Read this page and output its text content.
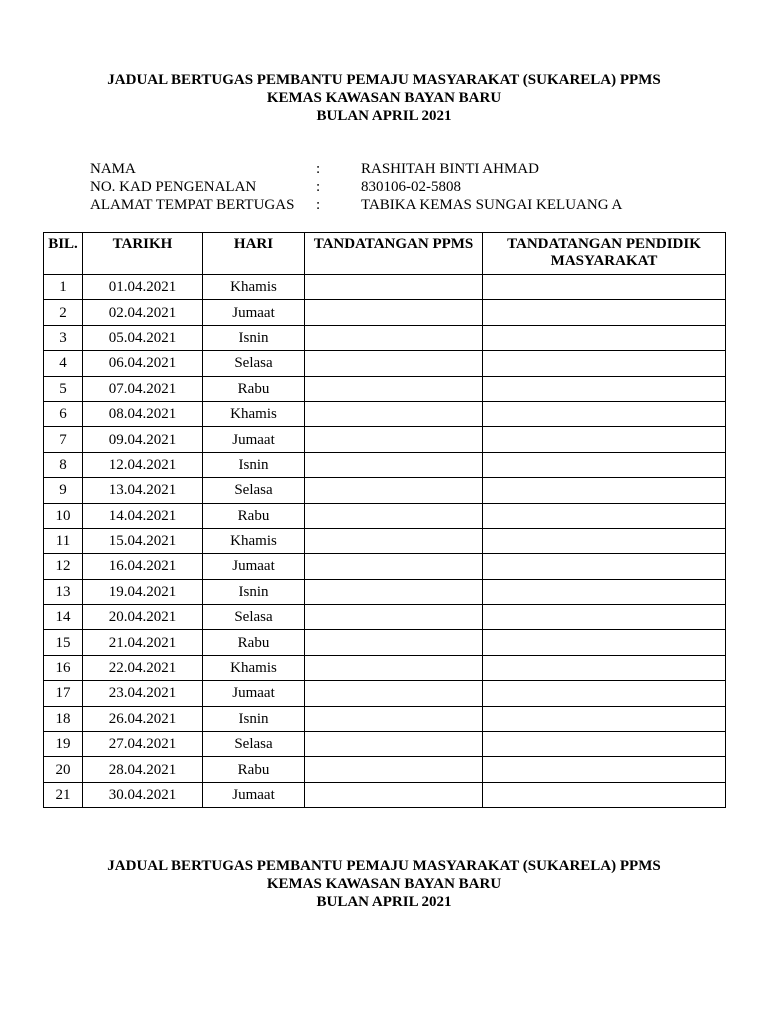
JADUAL BERTUGAS PEMBANTU PEMAJU MASYARAKAT (SUKARELA) PPMS
KEMAS KAWASAN BAYAN BARU
BULAN APRIL 2021
NAMA	:	RASHITAH BINTI AHMAD
NO. KAD PENGENALAN	:	830106-02-5808
ALAMAT TEMPAT BERTUGAS :	TABIKA KEMAS SUNGAI KELUANG A
BIL.	TARIKH	HARI	TANDATANGAN PPMS	TANDATANGAN PENDIDIK MASYARAKAT
1	01.04.2021	Khamis		
2	02.04.2021	Jumaat		
3	05.04.2021	Isnin		
4	06.04.2021	Selasa		
5	07.04.2021	Rabu		
6	08.04.2021	Khamis		
7	09.04.2021	Jumaat		
8	12.04.2021	Isnin		
9	13.04.2021	Selasa		
10	14.04.2021	Rabu		
11	15.04.2021	Khamis		
12	16.04.2021	Jumaat		
13	19.04.2021	Isnin		
14	20.04.2021	Selasa		
15	21.04.2021	Rabu		
16	22.04.2021	Khamis		
17	23.04.2021	Jumaat		
18	26.04.2021	Isnin		
19	27.04.2021	Selasa		
20	28.04.2021	Rabu		
21	30.04.2021	Jumaat		
JADUAL BERTUGAS PEMBANTU PEMAJU MASYARAKAT (SUKARELA) PPMS
KEMAS KAWASAN BAYAN BARU
BULAN APRIL 2021
